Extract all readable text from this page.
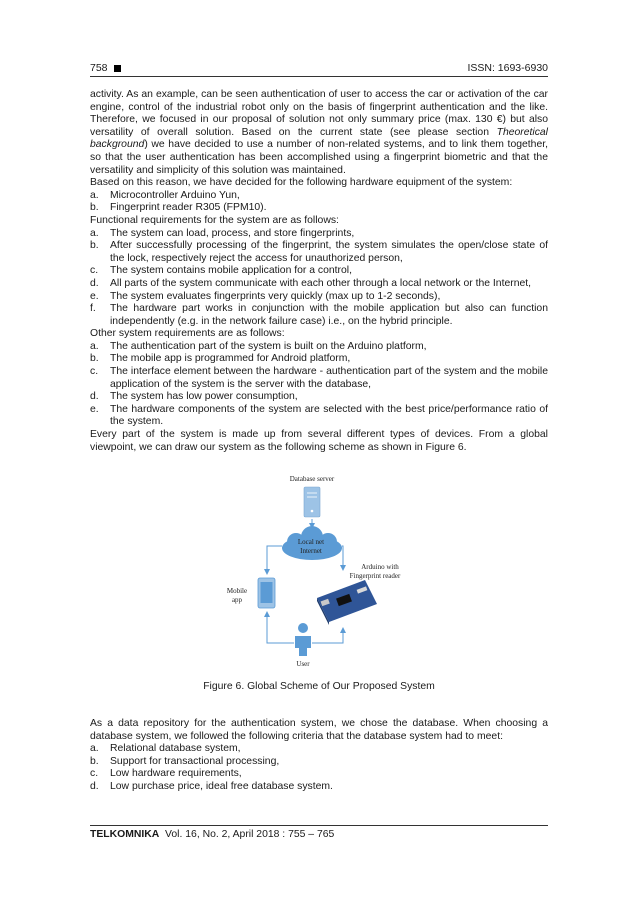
758	ISSN: 1693-6930

activity. As an example, can be seen authentication of user to access the car or activation of the car engine, control of the industrial robot only on the basis of fingerprint authentication and the like. Therefore, we focused in our proposal of solution not only summary price (max. 130 €) but also versatility of overall solution. Based on the current state (see please section Theoretical background) we have decided to use a number of non-related systems, and to link them together, so that the user authentication has been accomplished using a fingerprint biometric and that the versatility and simplicity of this solution was maintained.

Based on this reason, we have decided for the following hardware equipment of the system:

a.	Microcontroller Arduino Yun,
b.	Fingerprint reader R305 (FPM10).

Functional requirements for the system are as follows:

a.	The system can load, process, and store fingerprints,
b.	After successfully processing of the fingerprint, the system simulates the open/close state of the lock, respectively reject the access for unauthorized person,
c.	The system contains mobile application for a control,
d.	All parts of the system communicate with each other through a local network or the Internet,
e.	The system evaluates fingerprints very quickly (max up to 1-2 seconds),
f.	The hardware part works in conjunction with the mobile application but also can function independently (e.g. in the network failure case) i.e., on the hybrid principle.

Other system requirements are as follows:

a.	The authentication part of the system is built on the Arduino platform,
b.	The mobile app is programmed for Android platform,
c.	The interface element between the hardware - authentication part of the system and the mobile application of the system is the server with the database,
d.	The system has low power consumption,
e.	The hardware components of the system are selected with the best price/performance ratio of the system.

Every part of the system is made up from several different types of devices. From a global viewpoint, we can draw our system as the following scheme as shown in Figure 6.

Database server
Local net
Internet
Arduino with
Fingerprint reader
Mobile
app
User
Figure 6. Global Scheme of Our Proposed System

As a data repository for the authentication system, we chose the database. When choosing a database system, we followed the following criteria that the database system had to meet:

a.	Relational database system,
b.	Support for transactional processing,
c.	Low hardware requirements,
d.	Low purchase price, ideal free database system.
TELKOMNIKA Vol. 16, No. 2, April 2018 : 755 – 765
